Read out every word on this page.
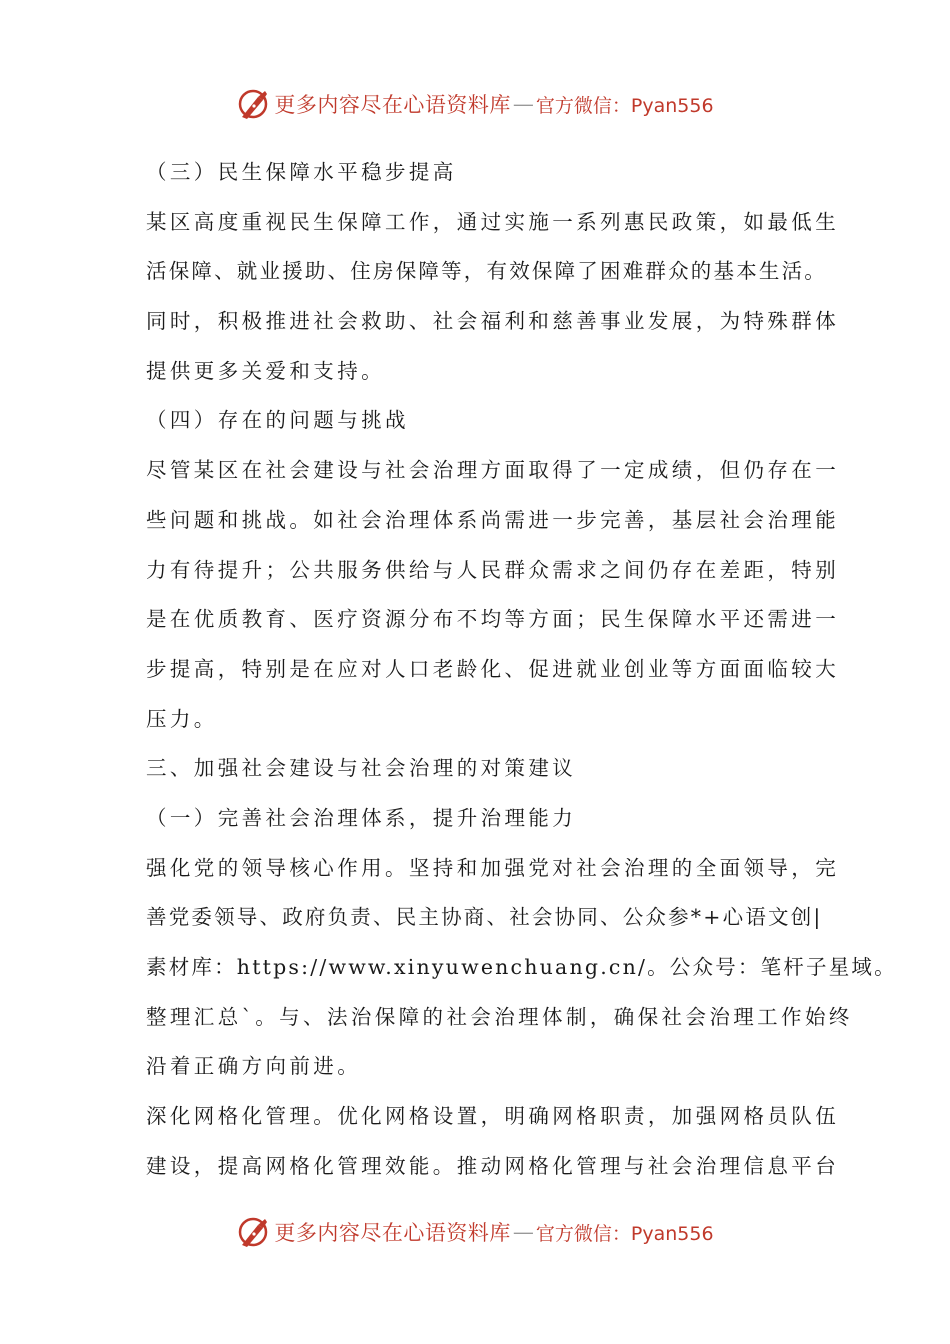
更多内容尽在心语资料库 — 官方微信：Pyan556
（三）民生保障水平稳步提高
某区高度重视民生保障工作，通过实施一系列惠民政策，如最低生
活保障、就业援助、住房保障等，有效保障了困难群众的基本生活。
同时，积极推进社会救助、社会福利和慈善事业发展，为特殊群体
提供更多关爱和支持。
（四）存在的问题与挑战
尽管某区在社会建设与社会治理方面取得了一定成绩，但仍存在一
些问题和挑战。如社会治理体系尚需进一步完善，基层社会治理能
力有待提升；公共服务供给与人民群众需求之间仍存在差距，特别
是在优质教育、医疗资源分布不均等方面；民生保障水平还需进一
步提高，特别是在应对人口老龄化、促进就业创业等方面面临较大
压力。
三、加强社会建设与社会治理的对策建议
（一）完善社会治理体系，提升治理能力
强化党的领导核心作用。坚持和加强党对社会治理的全面领导，完
善党委领导、政府负责、民主协商、社会协同、公众参*+心语文创|
素材库：https://www.xinyuwenchuang.cn/。公众号：笔杆子星域。
整理汇总`。与、法治保障的社会治理体制，确保社会治理工作始终
沿着正确方向前进。
深化网格化管理。优化网格设置，明确网格职责，加强网格员队伍
建设，提高网格化管理效能。推动网格化管理与社会治理信息平台
更多内容尽在心语资料库 — 官方微信：Pyan556
